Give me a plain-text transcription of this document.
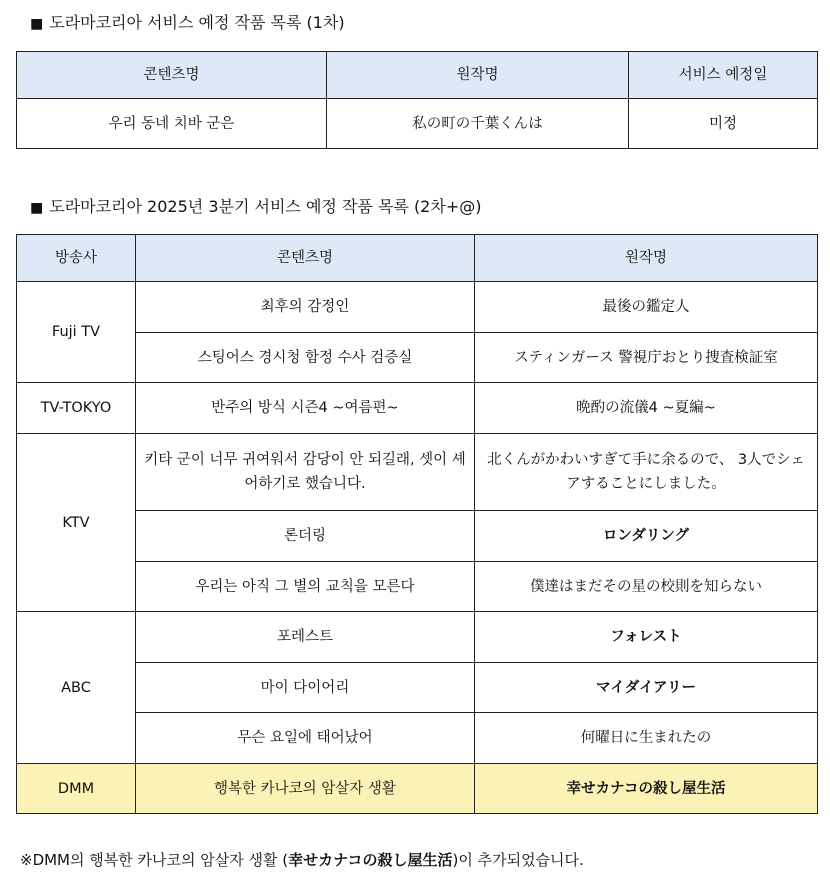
■ 도라마코리아 서비스 예정 작품 목록 (1차)
콘텐츠명	원작명	서비스 예정일
우리 동네 치바 군은	私の町の千葉くんは	미정
■ 도라마코리아 2025년 3분기 서비스 예정 작품 목록 (2차+@)
방송사	콘텐츠명	원작명
Fuji TV	최후의 감정인	最後の鑑定人
	스팅어스 경시청 함정 수사 검증실	スティンガース 警視庁おとり捜査検証室
TV-TOKYO	반주의 방식 시즌4 ~여름편~	晩酌の流儀4 ~夏編~
KTV	키타 군이 너무 귀여워서 감당이 안 되길래, 셋이 셰어하기로 했습니다.	北くんがかわいすぎて手に余るので、 3人でシェアすることにしました。
	론더링	ロンダリング
	우리는 아직 그 별의 교칙을 모른다	僕達はまだその星の校則を知らない
ABC	포레스트	フォレスト
	마이 다이어리	マイダイアリー
	무슨 요일에 태어났어	何曜日に生まれたの
DMM	행복한 카나코의 암살자 생활	幸せカナコの殺し屋生活
※DMM의 행복한 카나코의 암살자 생활 (幸せカナコの殺し屋生活)이 추가되었습니다.
